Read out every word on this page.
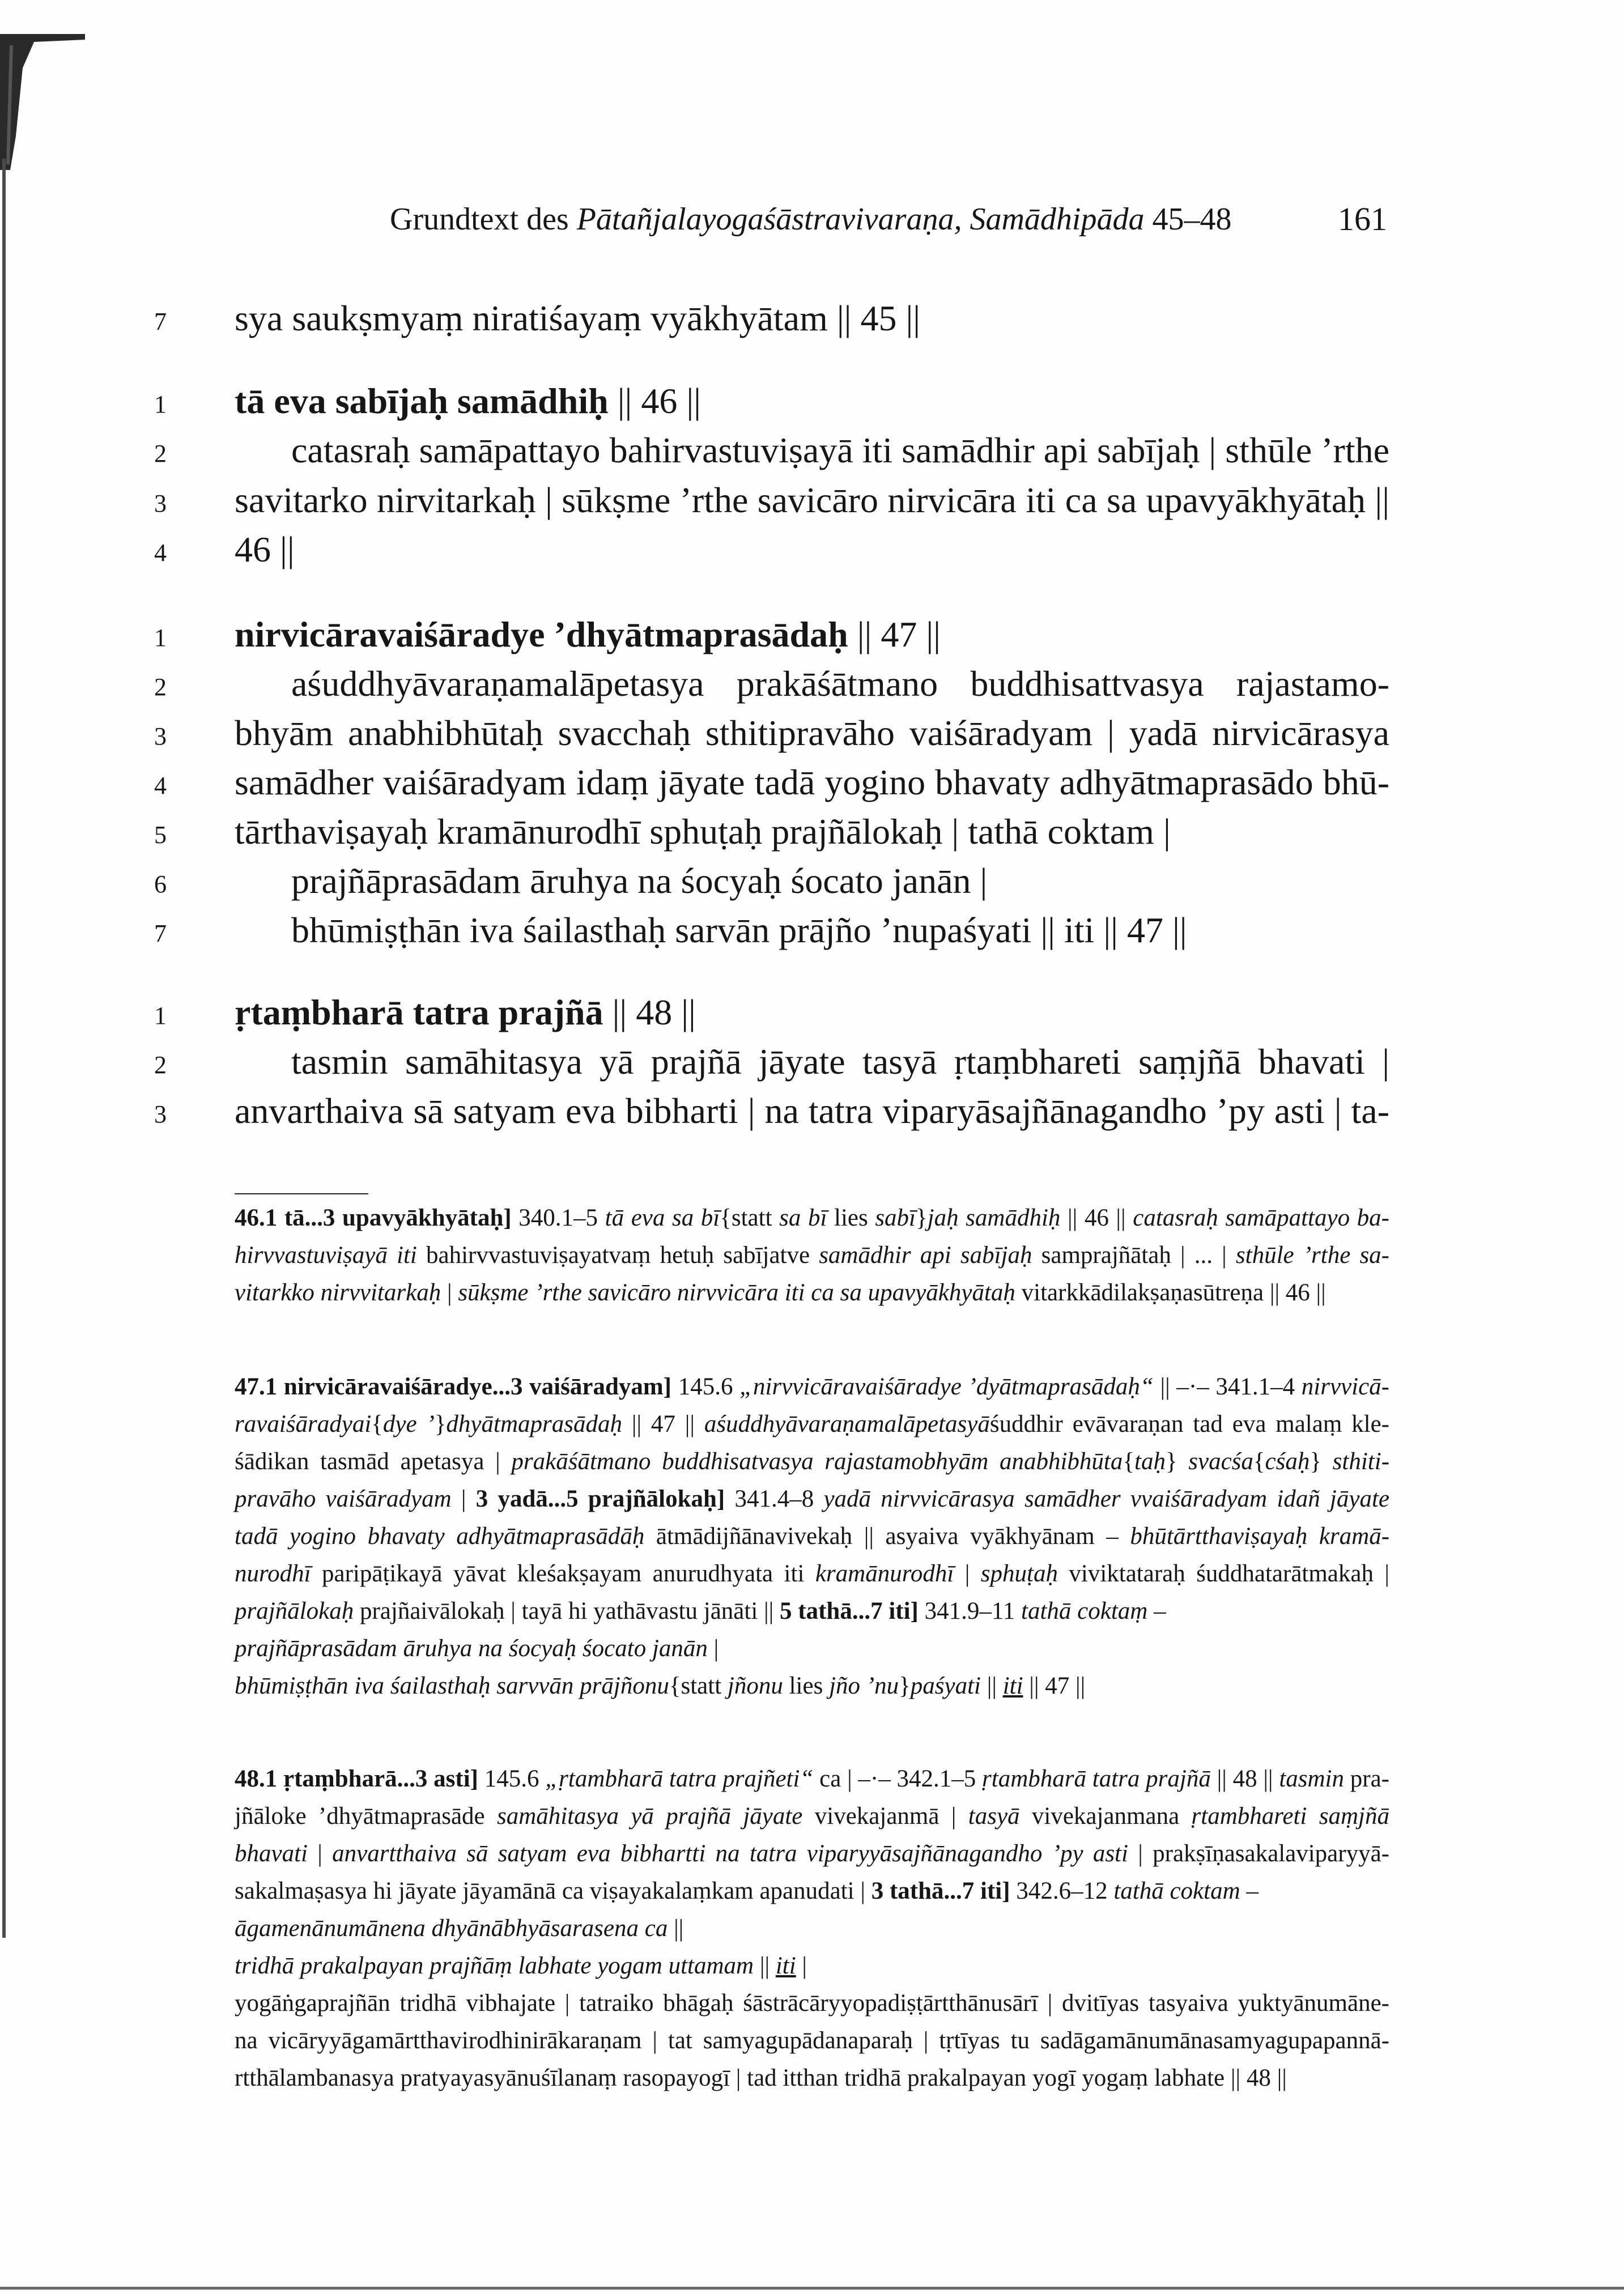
Grundtext des Pātañjalayogaśāstravivaraṇa, Samādhipāda 45–48	161
7	sya saukṣmyaṃ niratiśayaṃ vyākhyātam || 45 ||
1	tā eva sabījaḥ samādhiḥ || 46 ||
2	catasraḥ samāpattayo bahirvastuviṣayā iti samādhir api sabījaḥ | sthūle ’rthe
3	savitarko nirvitarkaḥ | sūkṣme ’rthe savicāro nirvicāra iti ca sa upavyākhyātaḥ ||
4	46 ||
1	nirvicāravaiśāradye ’dhyātmaprasādaḥ || 47 ||
2	aśuddhyāvaraṇamalāpetasya prakāśātmano buddhisattvasya rajastamo-
3	bhyām anabhibhūtaḥ svacchaḥ sthitipravāho vaiśāradyam | yadā nirvicārasya
4	samādher vaiśāradyam idaṃ jāyate tadā yogino bhavaty adhyātmaprasādo bhū-
5	tārthaviṣayaḥ kramānurodhī sphuṭaḥ prajñālokaḥ | tathā coktam |
6	prajñāprasādam āruhya na śocyaḥ śocato janān |
7	bhūmiṣṭhān iva śailasthaḥ sarvān prājño ’nupaśyati || iti || 47 ||
1	ṛtaṃbharā tatra prajñā || 48 ||
2	tasmin samāhitasya yā prajñā jāyate tasyā ṛtaṃbhareti saṃjñā bhavati |
3	anvarthaiva sā satyam eva bibharti | na tatra viparyāsajñānagandho ’py asti | ta-
46.1 tā...3 upavyākhyātaḥ] 340.1–5 tā eva sa bī{statt sa bī lies sabī}jaḥ samādhiḥ || 46 || catasraḥ samāpattayo ba-
hirvvastuviṣayā iti bahirvvastuviṣayatvaṃ hetuḥ sabījatve samādhir api sabījaḥ samprajñātaḥ | ... | sthūle ’rthe sa-
vitarkko nirvvitarkaḥ | sūkṣme ’rthe savicāro nirvvicāra iti ca sa upavyākhyātaḥ vitarkkādilakṣaṇasūtreṇa || 46 ||
47.1 nirvicāravaiśāradye...3 vaiśāradyam] 145.6 „nirvvicāravaiśāradye ’dyātmaprasādaḥ“ || –·– 341.1–4 nirvvicā-
ravaiśāradyai{dye ’}dhyātmaprasādaḥ || 47 || aśuddhyāvaraṇamalāpetasyāśuddhir evāvaraṇan tad eva malaṃ kle-
śādikan tasmād apetasya | prakāśātmano buddhisatvasya rajastamobhyām anabhibhūta{taḥ} svacśa{cśaḥ} sthiti-
pravāho vaiśāradyam | 3 yadā...5 prajñālokaḥ] 341.4–8 yadā nirvvicārasya samādher vvaiśāradyam idañ jāyate
tadā yogino bhavaty adhyātmaprasādāḥ ātmādijñānavivekaḥ || asyaiva vyākhyānam – bhūtārtthaviṣayaḥ kramā-
nurodhī paripāṭikayā yāvat kleśakṣayam anurudhyata iti kramānurodhī | sphuṭaḥ viviktataraḥ śuddhatarātmakaḥ |
prajñālokaḥ prajñaivālokaḥ | tayā hi yathāvastu jānāti || 5 tathā...7 iti] 341.9–11 tathā coktaṃ –
prajñāprasādam āruhya na śocyaḥ śocato janān |
bhūmiṣṭhān iva śailasthaḥ sarvvān prājñonu{statt jñonu lies jño ’nu}paśyati || iti || 47 ||
48.1 ṛtaṃbharā...3 asti] 145.6 „ṛtambharā tatra prajñeti“ ca | –·– 342.1–5 ṛtambharā tatra prajñā || 48 || tasmin pra-
jñāloke ’dhyātmaprasāde samāhitasya yā prajñā jāyate vivekajanmā | tasyā vivekajanmana ṛtambhareti saṃjñā
bhavati | anvartthaiva sā satyam eva bibhartti na tatra viparyyāsajñānagandho ’py asti | prakṣīṇasakalaviparyyā-
sakalmaṣasya hi jāyate jāyamānā ca viṣayakalaṃkam apanudati | 3 tathā...7 iti] 342.6–12 tathā coktam –
āgamenānumānena dhyānābhyāsarasena ca ||
tridhā prakalpayan prajñāṃ labhate yogam uttamam || iti |
yogāṅgaprajñān tridhā vibhajate | tatraiko bhāgaḥ śāstrācāryyopadiṣṭārtthānusārī | dvitīyas tasyaiva yuktyānumāne-
na vicāryyāgamārtthavirodhinirākaraṇam | tat samyagupādanaparaḥ | tṛtīyas tu sadāgamānumānasamyagupapannā-
rtthālambanasya pratyayasyānuśīlanaṃ rasopayogī | tad itthan tridhā prakalpayan yogī yogaṃ labhate || 48 ||
